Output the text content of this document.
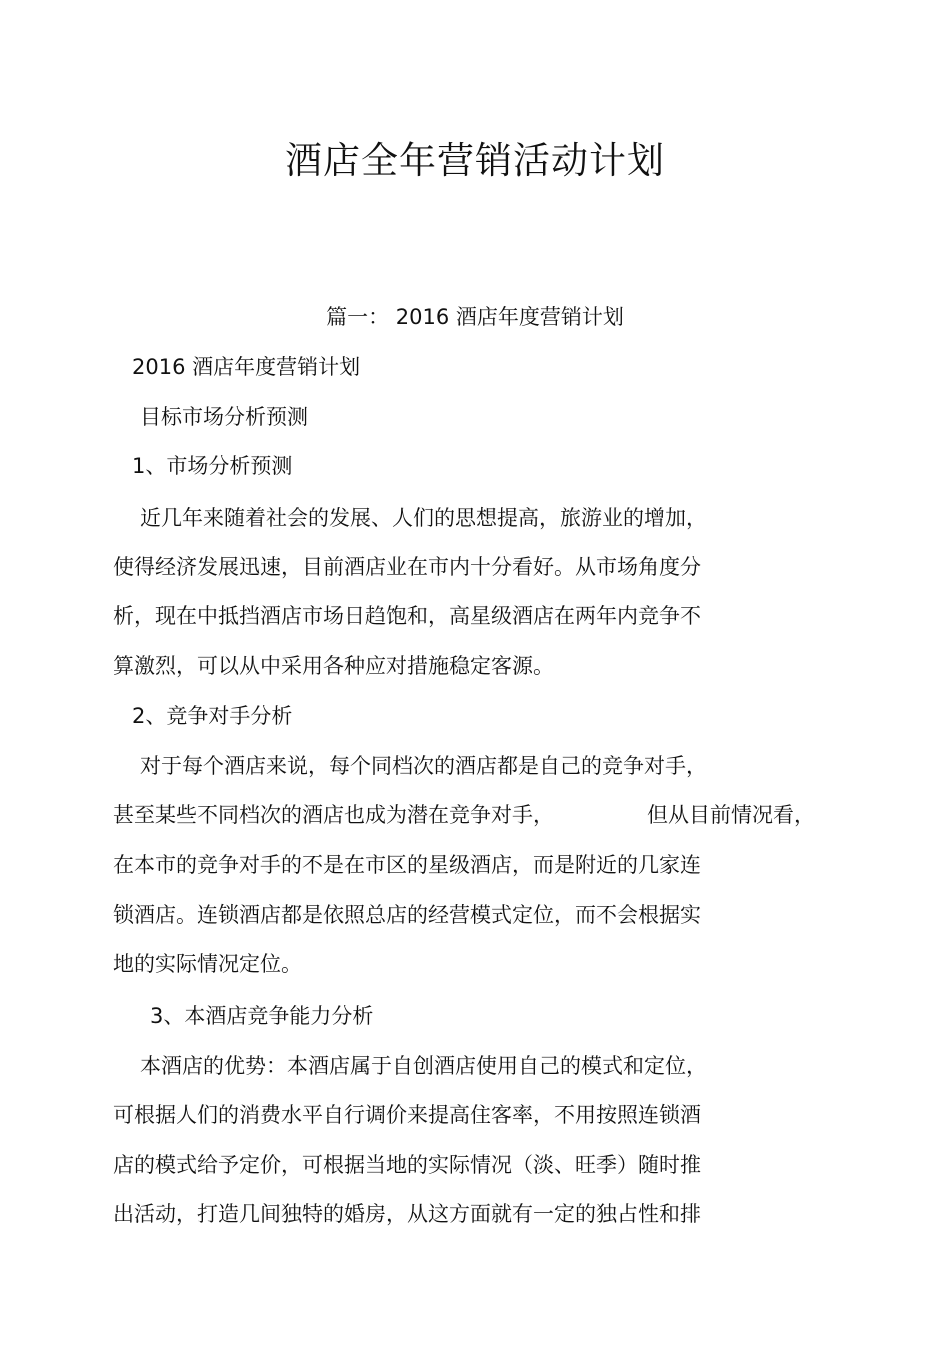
酒店全年营销活动计划

篇一： 2016 酒店年度营销计划

2016 酒店年度营销计划

目标市场分析预测

1、市场分析预测

近几年来随着社会的发展、人们的思想提高，旅游业的增加，

使得经济发展迅速，目前酒店业在市内十分看好。从市场角度分

析，现在中抵挡酒店市场日趋饱和，高星级酒店在两年内竞争不

算激烈，可以从中采用各种应对措施稳定客源。

2、竞争对手分析

对于每个酒店来说，每个同档次的酒店都是自己的竞争对手，

甚至某些不同档次的酒店也成为潜在竞争对手，	但从目前情况看，

在本市的竞争对手的不是在市区的星级酒店，而是附近的几家连

锁酒店。连锁酒店都是依照总店的经营模式定位，而不会根据实

地的实际情况定位。

3、本酒店竞争能力分析

本酒店的优势：本酒店属于自创酒店使用自己的模式和定位，

可根据人们的消费水平自行调价来提高住客率，不用按照连锁酒

店的模式给予定价，可根据当地的实际情况（淡、旺季）随时推

出活动，打造几间独特的婚房，从这方面就有一定的独占性和排
